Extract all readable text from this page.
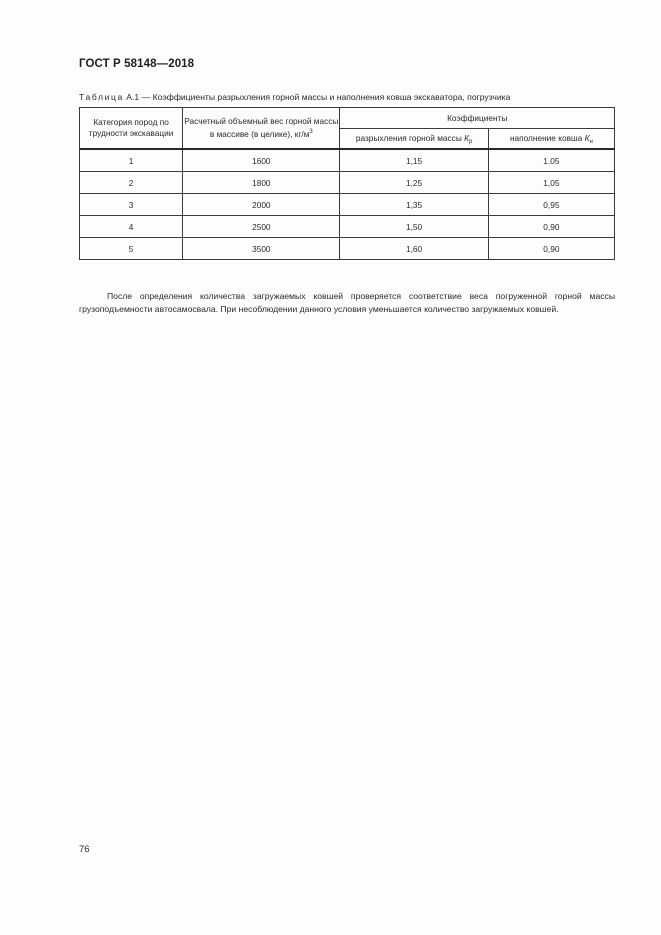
ГОСТ Р 58148—2018
Таблица А.1 — Коэффициенты разрыхления горной массы и наполнения ковша экскаватора, погрузчика
Категория пород по трудности экскавации	Расчетный объемный вес горной массы в массиве (в целике), $кг/м^3$	Коэффициенты	
		разрыхления горной массы $К_р$	наполнение ковша $К_н$
1	1600	1,15	1.05
2	1800	1,25	1,05
3	2000	1,35	0,95
4	2500	1,50	0,90
5	3500	1,60	0,90

После определения количества загружаемых ковшей проверяется соответствие веса погруженной горной массы грузоподъемности автосамосвала. При несоблюдении данного условия уменьшается количество загружаемых ковшей.

76
